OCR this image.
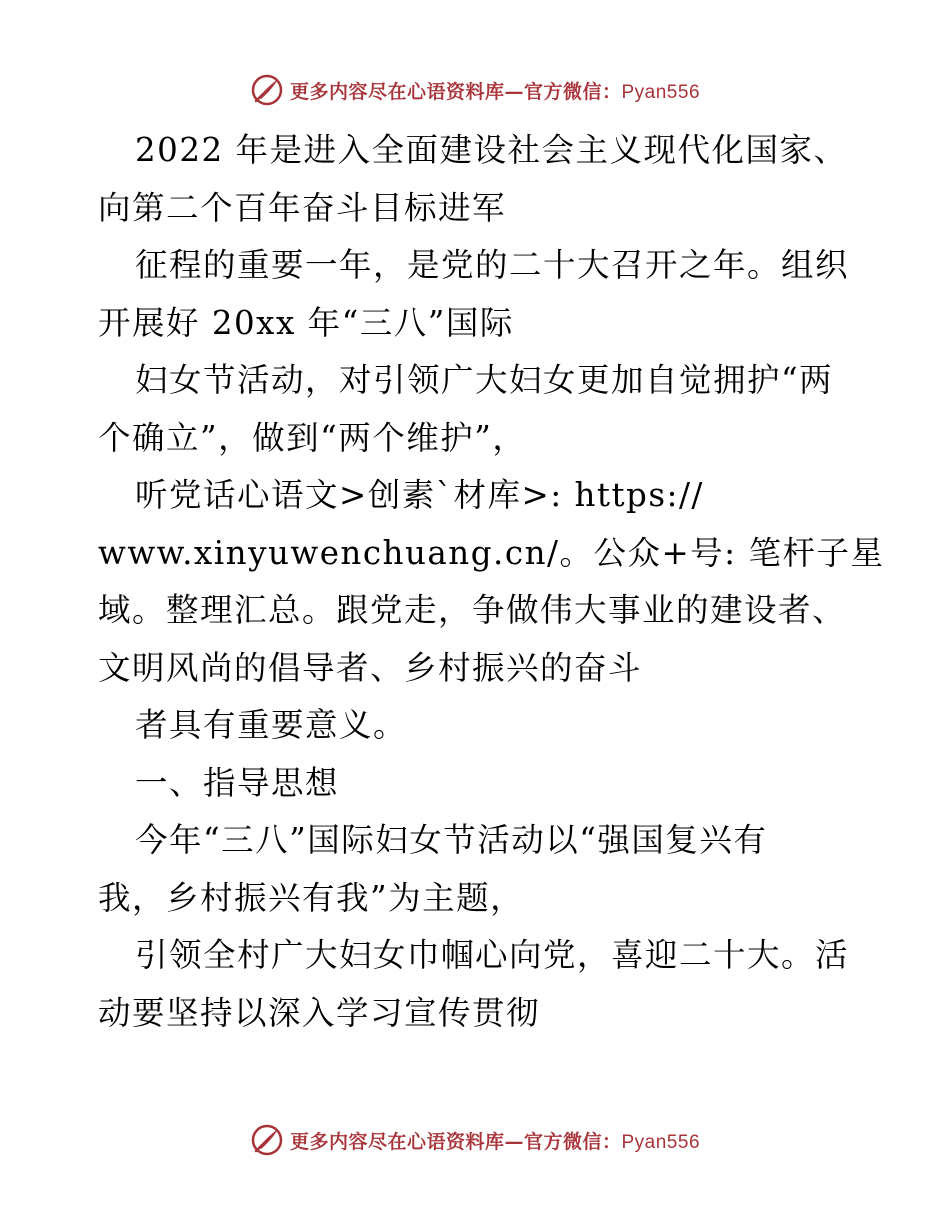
更多内容尽在心语资料库—官方微信：Pyan556
2022 年是进入全面建设社会主义现代化国家、
向第二个百年奋斗目标进军
征程的重要一年，是党的二十大召开之年。组织
开展好 20xx 年“三八”国际
妇女节活动，对引领广大妇女更加自觉拥护“两
个确立”，做到“两个维护”，
听党话心语文>创素`材库>: https://
www.xinyuwenchuang.cn/。公众+号: 笔杆子星
域。整理汇总。跟党走，争做伟大事业的建设者、
文明风尚的倡导者、乡村振兴的奋斗
者具有重要意义。
一、指导思想
今年“三八”国际妇女节活动以“强国复兴有
我，乡村振兴有我”为主题，
引领全村广大妇女巾帼心向党，喜迎二十大。活
动要坚持以深入学习宣传贯彻
更多内容尽在心语资料库—官方微信：Pyan556
